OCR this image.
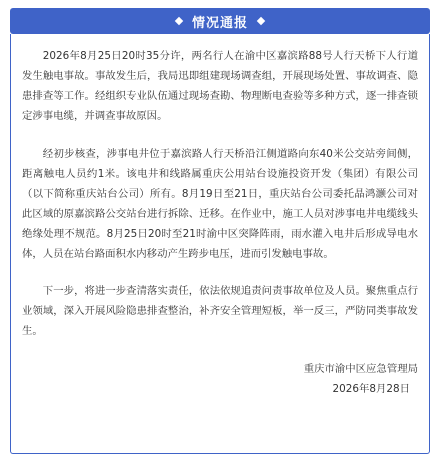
情况通报

2026年8月25日20时35分许，两名行人在渝中区嘉滨路88号人行天桥下人行道发生触电事故。事故发生后，我局迅即组建现场调查组，开展现场处置、事故调查、隐患排查等工作。经组织专业队伍通过现场查勘、物理断电查验等多种方式，逐一排查锁定涉事电缆，并调查事故原因。

经初步核查，涉事电井位于嘉滨路人行天桥沿江侧道路向东40米公交站旁间侧，距离触电人员约1米。该电井和线路属重庆公用站台设施投资开发（集团）有限公司（以下简称重庆站台公司）所有。8月19日至21日，重庆站台公司委托晶鸿灏公司对此区域的原嘉滨路公交站台进行拆除、迁移。在作业中，施工人员对涉事电井电缆线头绝缘处理不规范。8月25日20时至21时渝中区突降阵雨，雨水灌入电井后形成导电水体，人员在站台路面积水内移动产生跨步电压，进而引发触电事故。

下一步，将进一步查清落实责任，依法依规追责问责事故单位及人员。聚焦重点行业领域，深入开展风险隐患排查整治，补齐安全管理短板，举一反三，严防同类事故发生。

重庆市渝中区应急管理局

2026年8月28日
